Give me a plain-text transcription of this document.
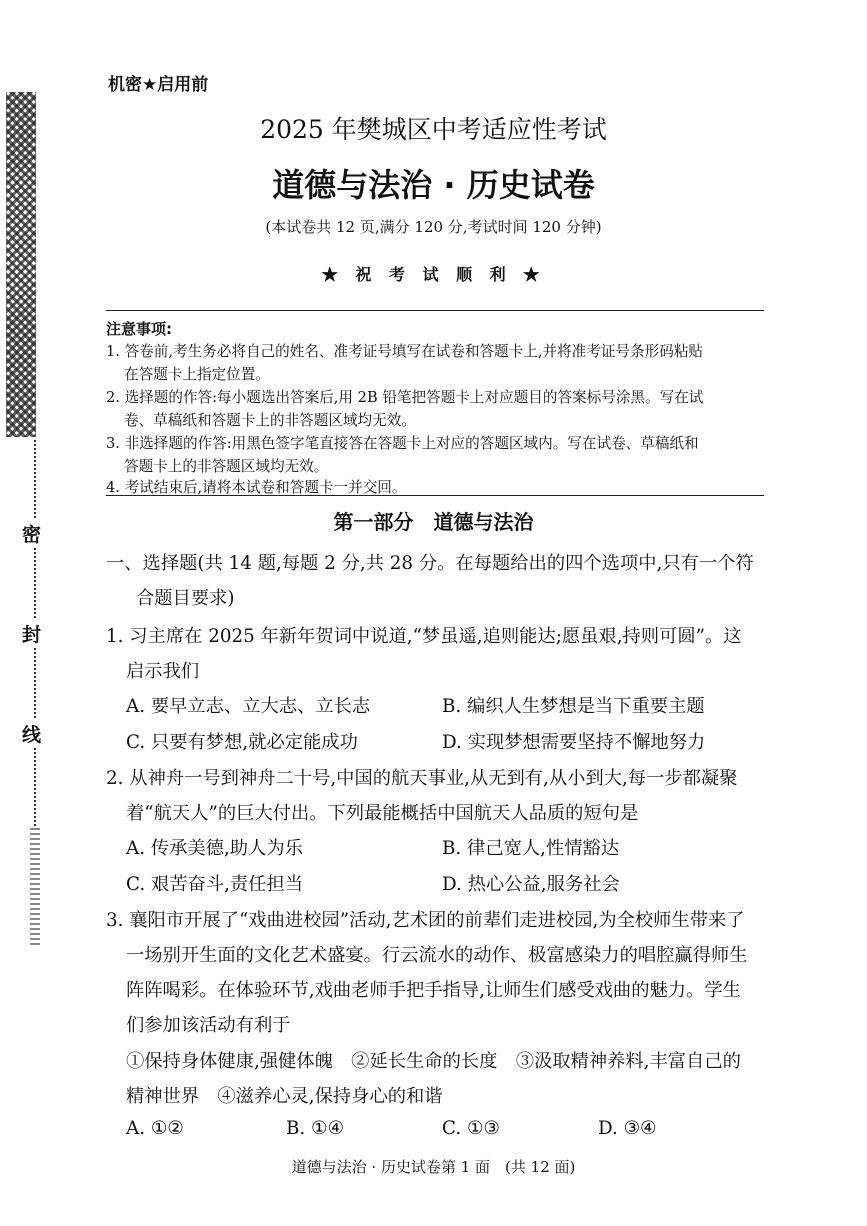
密
封
线
机密★启用前
2025 年樊城区中考适应性考试
道德与法治 · 历史试卷
(本试卷共 12 页,满分 120 分,考试时间 120 分钟)
★ 祝 考 试 顺 利 ★
注意事项:
1. 答卷前,考生务必将自己的姓名、准考证号填写在试卷和答题卡上,并将准考证号条形码粘贴
在答题卡上指定位置。
2. 选择题的作答:每小题选出答案后,用 2B 铅笔把答题卡上对应题目的答案标号涂黑。写在试
卷、草稿纸和答题卡上的非答题区域均无效。
3. 非选择题的作答:用黑色签字笔直接答在答题卡上对应的答题区域内。写在试卷、草稿纸和
答题卡上的非答题区域均无效。
4. 考试结束后,请将本试卷和答题卡一并交回。
第一部分　道德与法治
一、选择题(共 14 题,每题 2 分,共 28 分。在每题给出的四个选项中,只有一个符
合题目要求)
1. 习主席在 2025 年新年贺词中说道,“梦虽遥,追则能达;愿虽艰,持则可圆”。这
启示我们
A. 要早立志、立大志、立长志	B. 编织人生梦想是当下重要主题
C. 只要有梦想,就必定能成功	D. 实现梦想需要坚持不懈地努力
2. 从神舟一号到神舟二十号,中国的航天事业,从无到有,从小到大,每一步都凝聚
着“航天人”的巨大付出。下列最能概括中国航天人品质的短句是
A. 传承美德,助人为乐	B. 律己宽人,性情豁达
C. 艰苦奋斗,责任担当	D. 热心公益,服务社会
3. 襄阳市开展了“戏曲进校园”活动,艺术团的前辈们走进校园,为全校师生带来了
一场别开生面的文化艺术盛宴。行云流水的动作、极富感染力的唱腔赢得师生
阵阵喝彩。在体验环节,戏曲老师手把手指导,让师生们感受戏曲的魅力。学生
们参加该活动有利于
①保持身体健康,强健体魄　②延长生命的长度　③汲取精神养料,丰富自己的
精神世界　④滋养心灵,保持身心的和谐
A. ①②	B. ①④	C. ①③	D. ③④
道德与法治 · 历史试卷第 1 面　(共 12 面)
